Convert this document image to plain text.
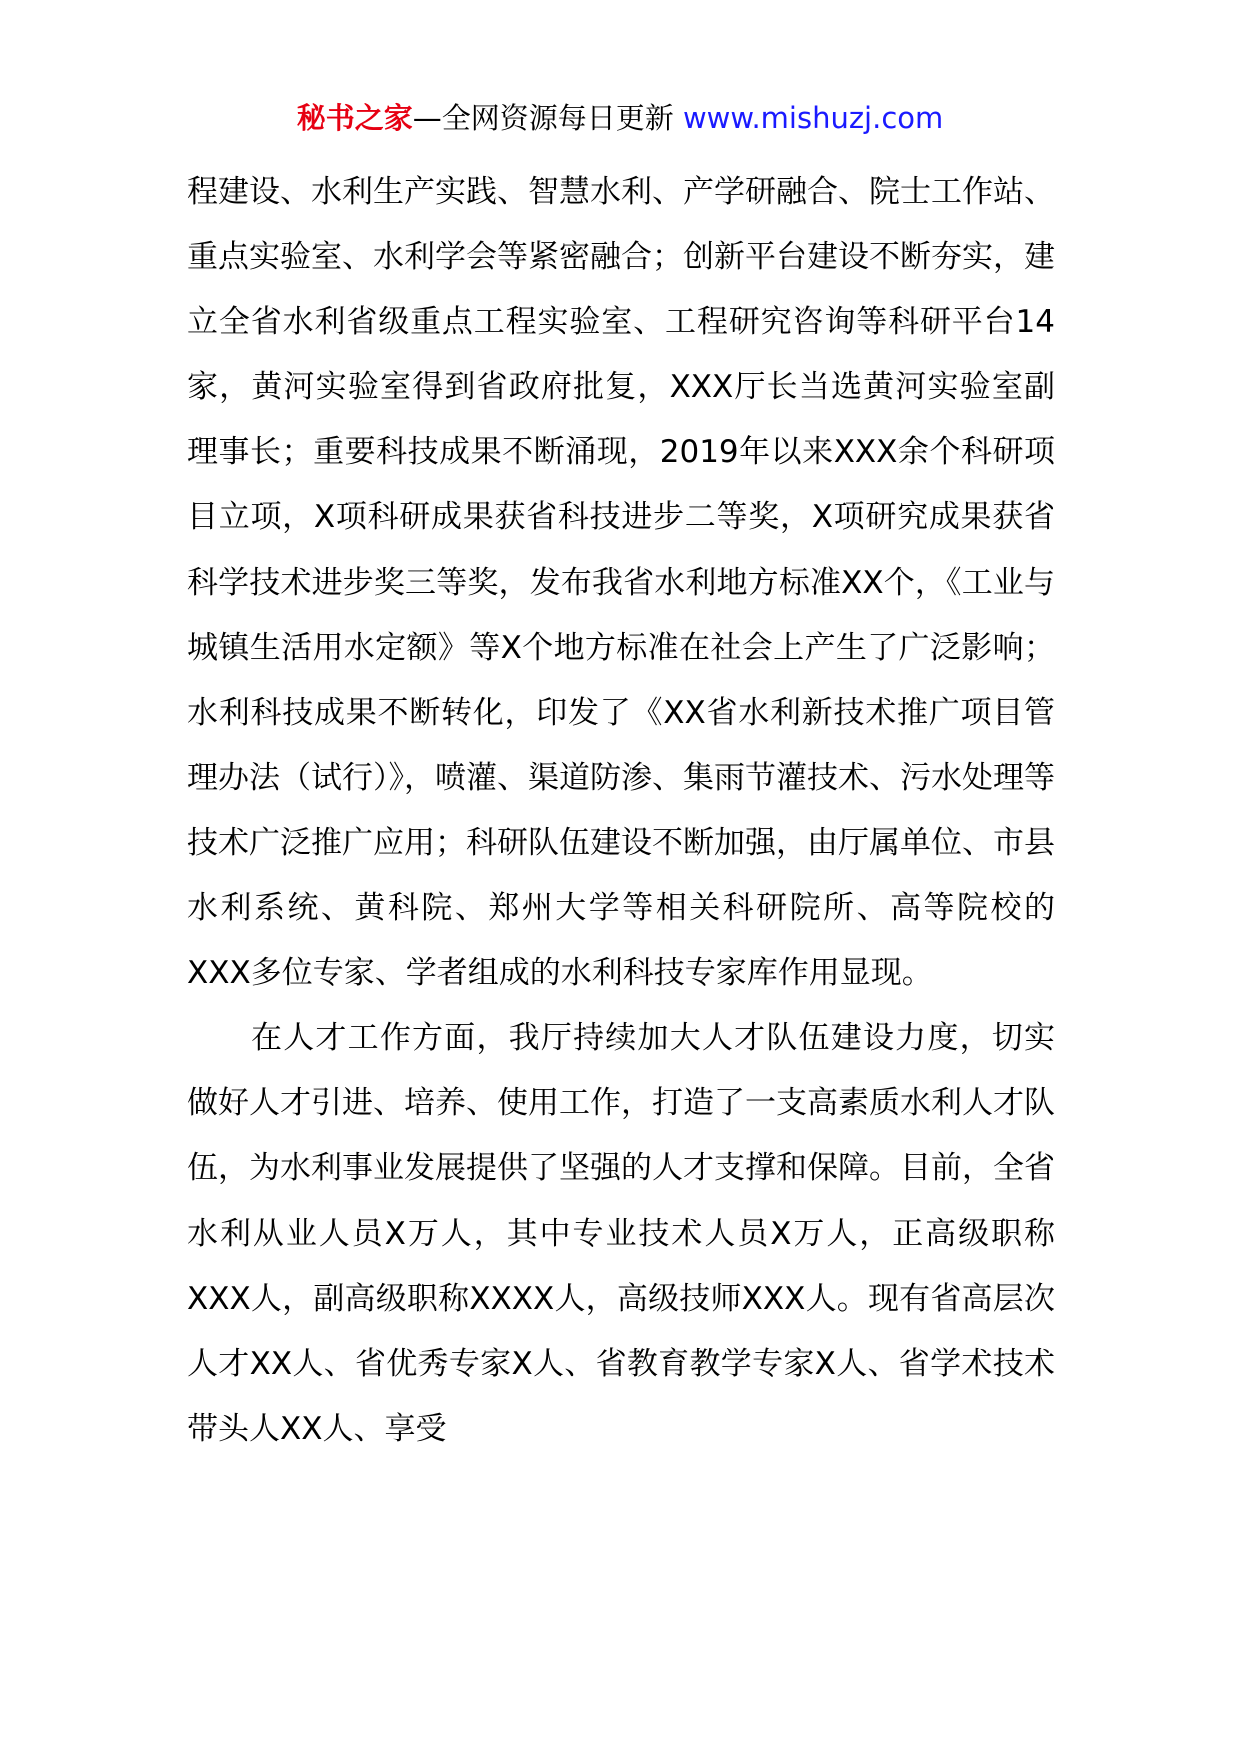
秘书之家—全网资源每日更新 www.mishuzj.com

程建设、水利生产实践、智慧水利、产学研融合、院士工作站、重点实验室、水利学会等紧密融合；创新平台建设不断夯实，建立全省水利省级重点工程实验室、工程研究咨询等科研平台14家，黄河实验室得到省政府批复，XXX厅长当选黄河实验室副理事长；重要科技成果不断涌现，2019年以来XXX余个科研项目立项，X项科研成果获省科技进步二等奖，X项研究成果获省科学技术进步奖三等奖，发布我省水利地方标准XX个，《工业与城镇生活用水定额》等X个地方标准在社会上产生了广泛影响；水利科技成果不断转化，印发了《XX省水利新技术推广项目管理办法（试行）》，喷灌、渠道防渗、集雨节灌技术、污水处理等技术广泛推广应用；科研队伍建设不断加强，由厅属单位、市县水利系统、黄科院、郑州大学等相关科研院所、高等院校的XXX多位专家、学者组成的水利科技专家库作用显现。

在人才工作方面，我厅持续加大人才队伍建设力度，切实做好人才引进、培养、使用工作，打造了一支高素质水利人才队伍，为水利事业发展提供了坚强的人才支撑和保障。目前，全省水利从业人员X万人，其中专业技术人员X万人，正高级职称XXX人，副高级职称XXXX人，高级技师XXX人。现有省高层次人才XX人、省优秀专家X人、省教育教学专家X人、省学术技术带头人XX人、享受
